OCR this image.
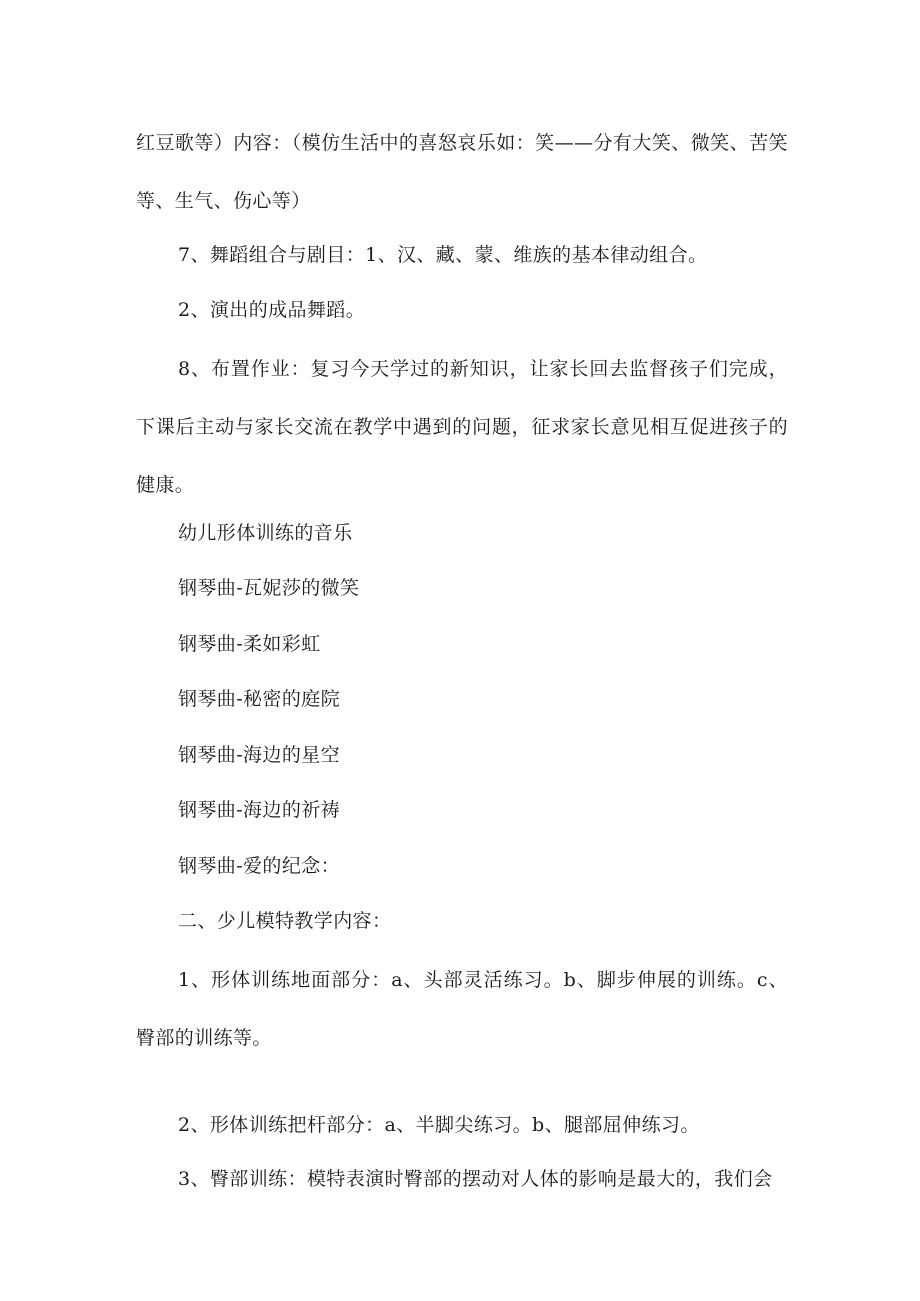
红豆歌等）内容：（模仿生活中的喜怒哀乐如：笑——分有大笑、微笑、苦笑等、生气、伤心等）
7、舞蹈组合与剧目：1、汉、藏、蒙、维族的基本律动组合。
2、演出的成品舞蹈。
8、布置作业：复习今天学过的新知识，让家长回去监督孩子们完成，下课后主动与家长交流在教学中遇到的问题，征求家长意见相互促进孩子的健康。
幼儿形体训练的音乐
钢琴曲-瓦妮莎的微笑
钢琴曲-柔如彩虹
钢琴曲-秘密的庭院
钢琴曲-海边的星空
钢琴曲-海边的祈祷
钢琴曲-爱的纪念：
二、少儿模特教学内容：
1、形体训练地面部分：a、头部灵活练习。b、脚步伸展的训练。c、臀部的训练等。
2、形体训练把杆部分：a、半脚尖练习。b、腿部屈伸练习。
3、臀部训练：模特表演时臀部的摆动对人体的影响是最大的，我们会
